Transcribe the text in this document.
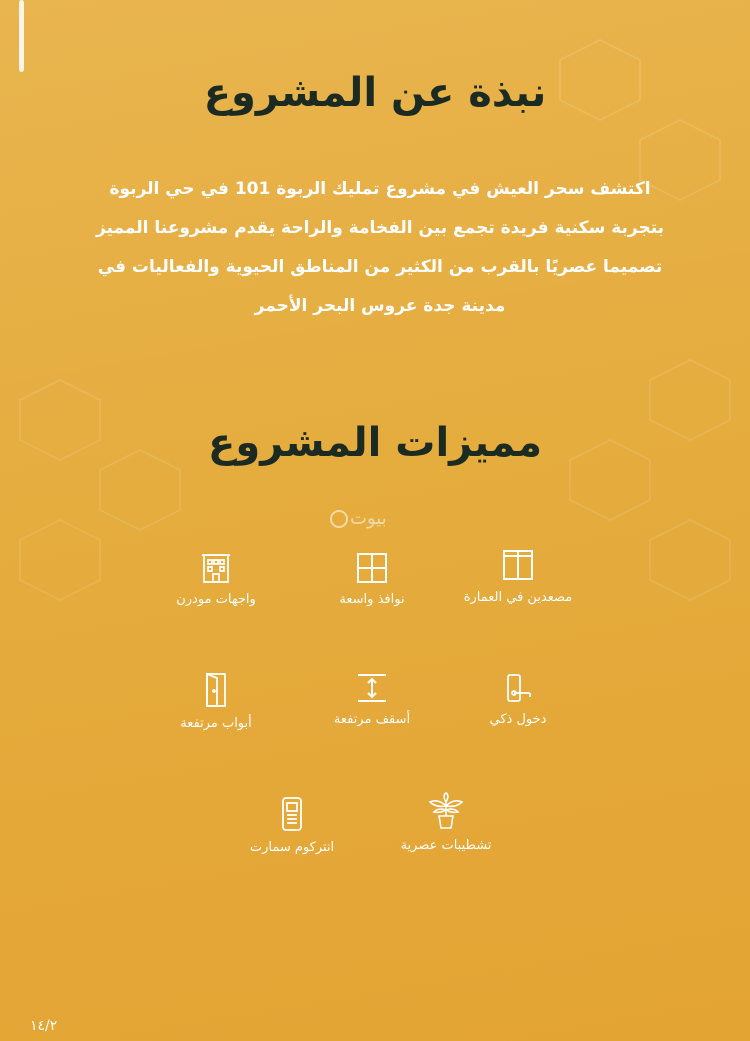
نبذة عن المشروع

اكتشف سحر العيش في مشروع تمليك الربوة 101 في حي الربوة بتجربة سكنية فريدة تجمع بين الفخامة والراحة يقدم مشروعنا المميز تصميما عصريًا بالقرب من الكثير من المناطق الحيوية والفعاليات في مدينة جدة عروس البحر الأحمر

مميزات المشروع
بيوت
مصعدين في العمارة
نوافذ واسعة
واجهات مودرن
دخول ذكي
أسقف مرتفعة
أبواب مرتفعة
تشطيبات عصرية
انتركوم سمارت
١٤/٢
